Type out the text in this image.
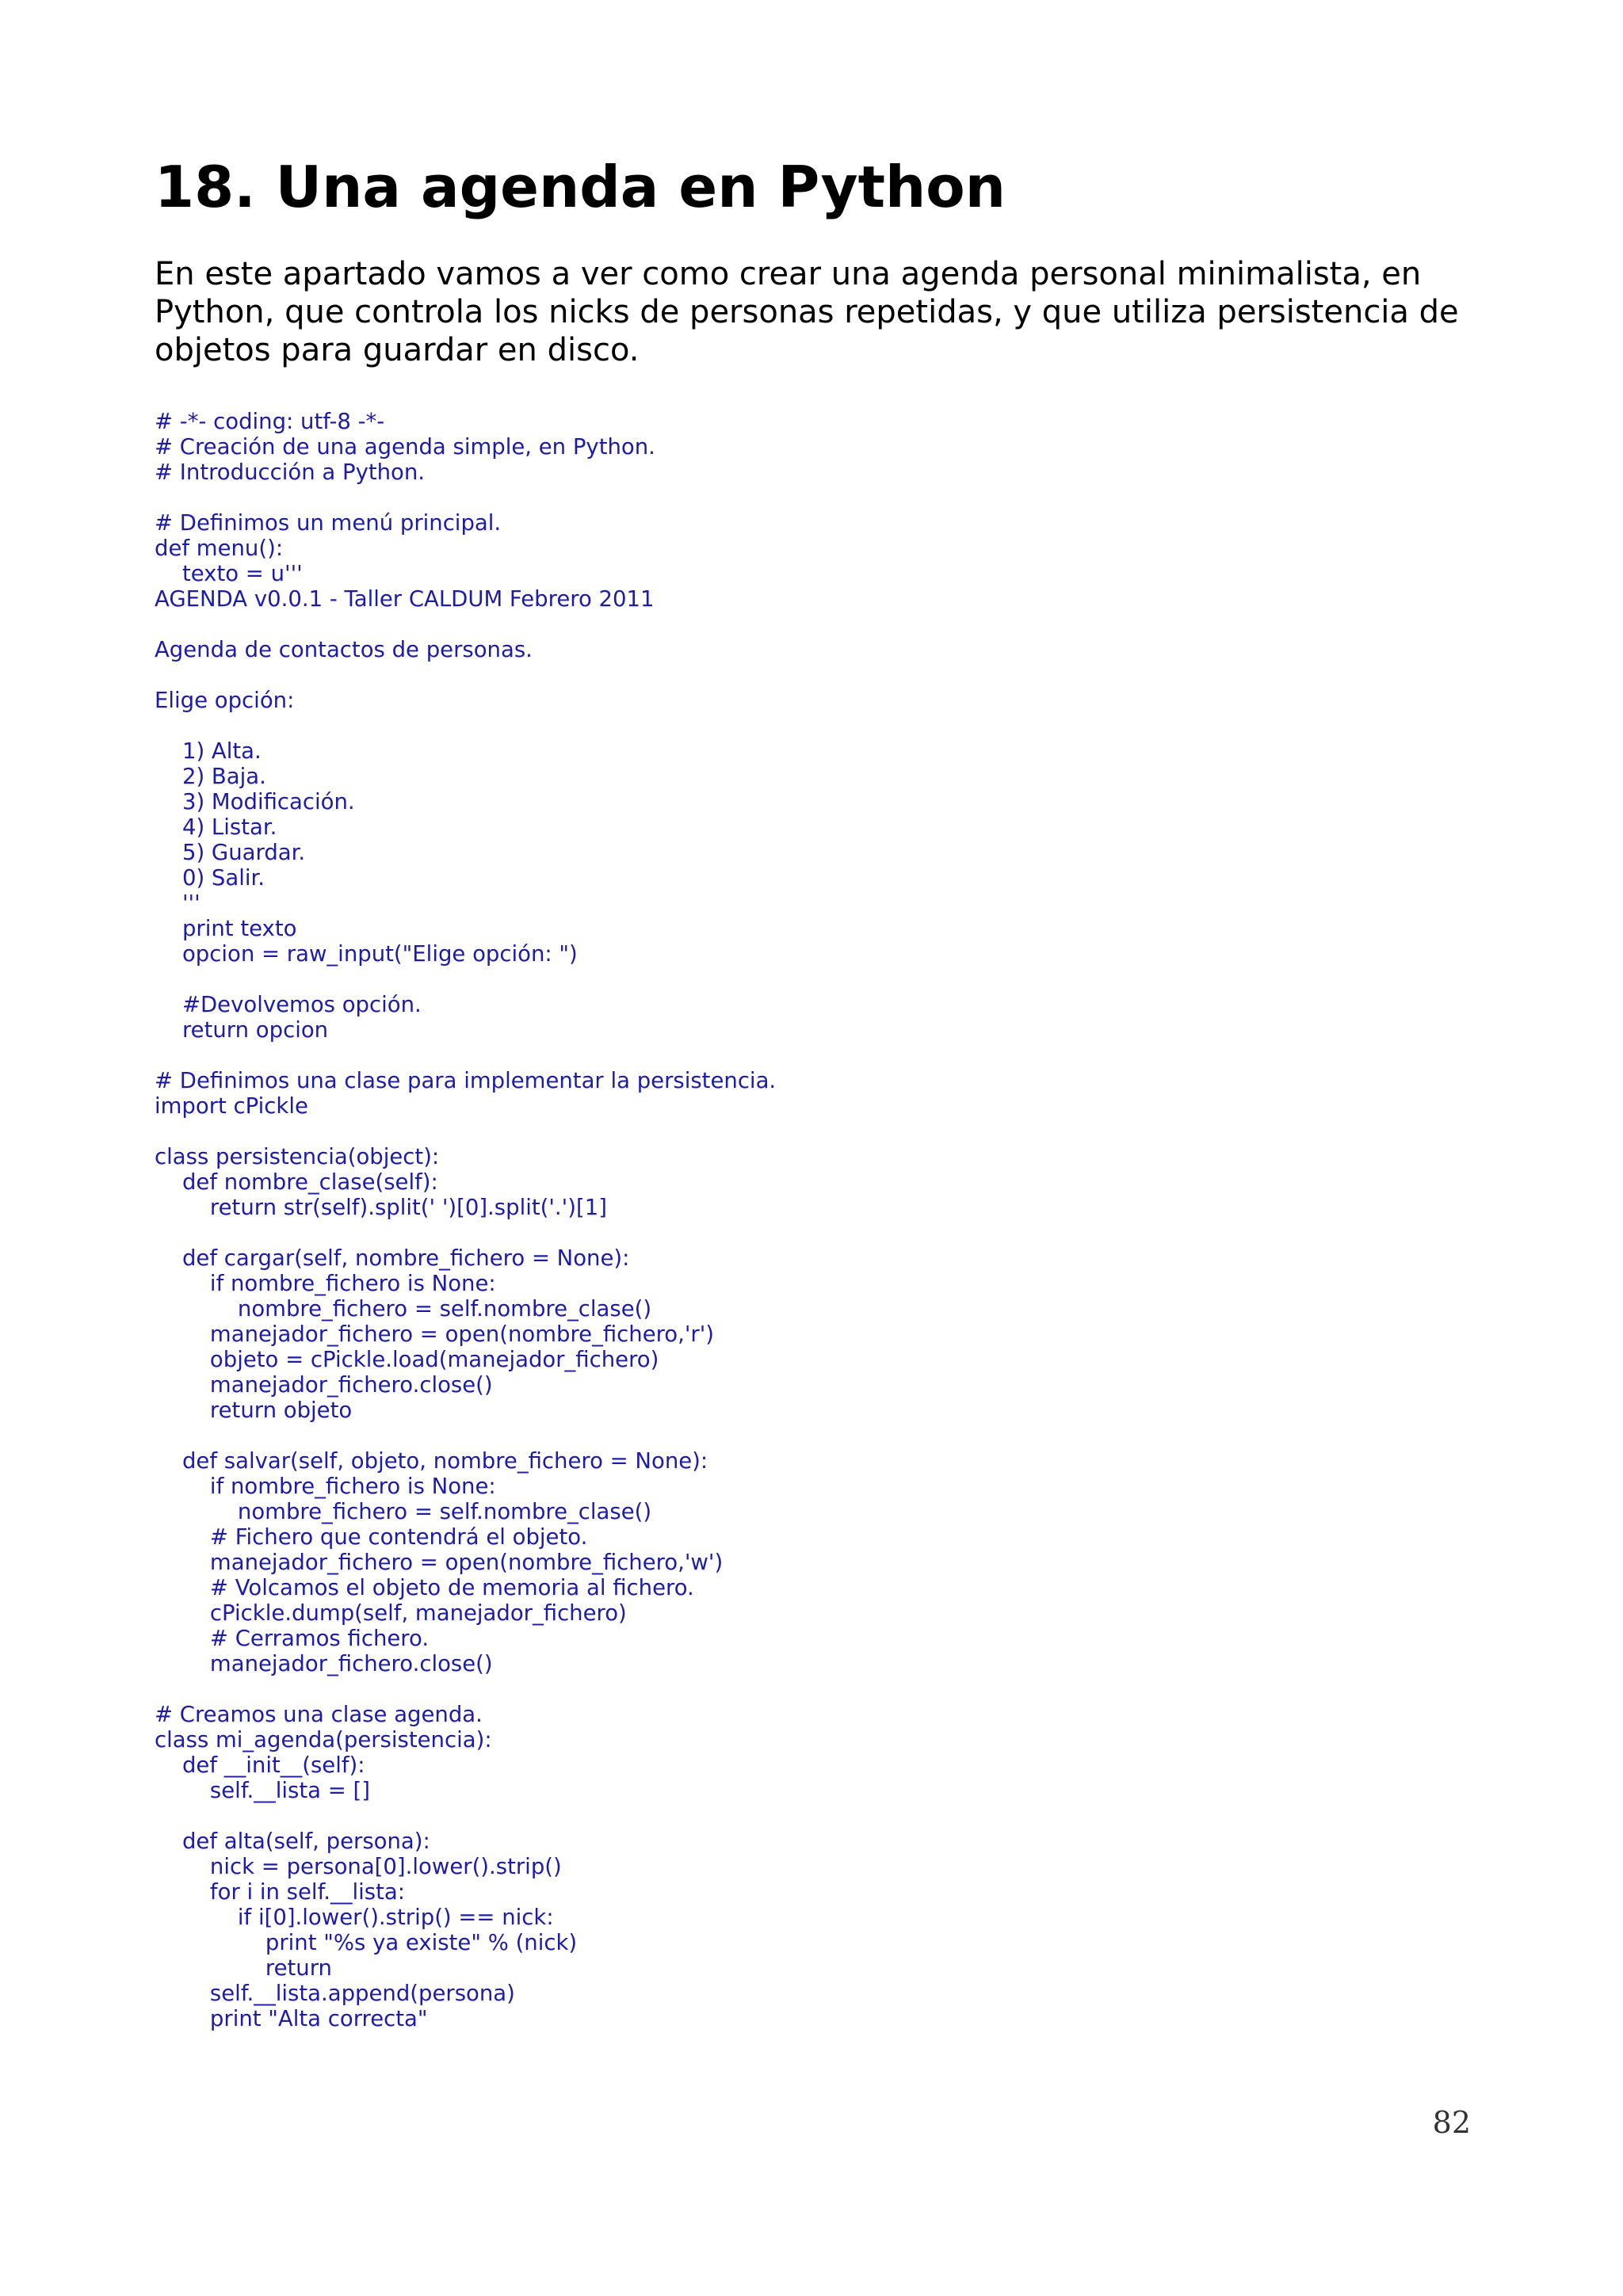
18. Una agenda en Python

En este apartado vamos a ver como crear una agenda personal minimalista, en Python, que controla los nicks de personas repetidas, y que utiliza persistencia de objetos para guardar en disco.

# -*- coding: utf-8 -*-
# Creación de una agenda simple, en Python.
# Introducción a Python.
# Definimos un menú principal.
def menu():
texto = u'''
AGENDA v0.0.1 - Taller CALDUM Febrero 2011
Agenda de contactos de personas.
Elige opción:
1) Alta.
2) Baja.
3) Modificación.
4) Listar.
5) Guardar.
0) Salir.
'''
print texto
opcion = raw_input("Elige opción: ")
#Devolvemos opción.
return opcion
# Definimos una clase para implementar la persistencia.
import cPickle
class persistencia(object):
def nombre_clase(self):
return str(self).split(' ')[0].split('.')[1]
def cargar(self, nombre_fichero = None):
if nombre_fichero is None:
nombre_fichero = self.nombre_clase()
manejador_fichero = open(nombre_fichero,'r')
objeto = cPickle.load(manejador_fichero)
manejador_fichero.close()
return objeto
def salvar(self, objeto, nombre_fichero = None):
if nombre_fichero is None:
nombre_fichero = self.nombre_clase()
# Fichero que contendrá el objeto.
manejador_fichero = open(nombre_fichero,'w')
# Volcamos el objeto de memoria al fichero.
cPickle.dump(self, manejador_fichero)
# Cerramos fichero.
manejador_fichero.close()
# Creamos una clase agenda.
class mi_agenda(persistencia):
def __init__(self):
self.__lista = []
def alta(self, persona):
nick = persona[0].lower().strip()
for i in self.__lista:
if i[0].lower().strip() == nick:
print "%s ya existe" % (nick)
return
self.__lista.append(persona)
print "Alta correcta"
82
